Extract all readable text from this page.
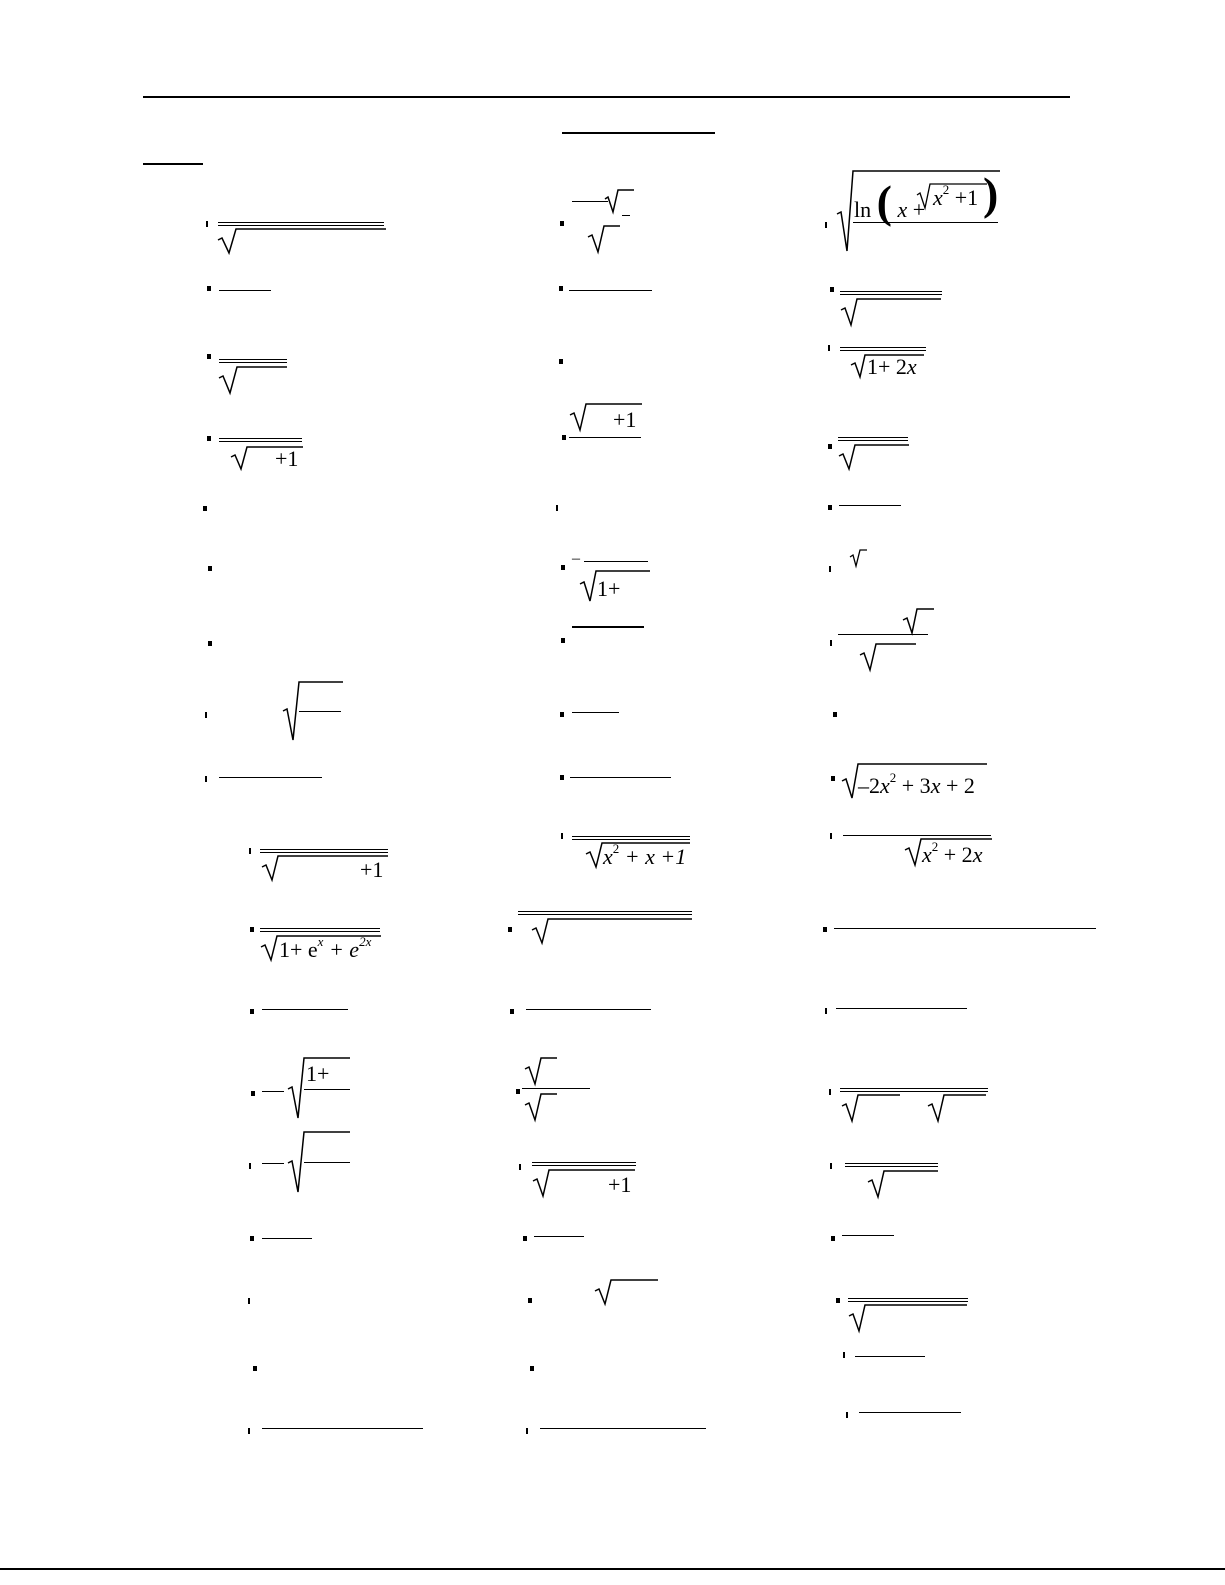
+1
+1
$1+ e^x + e^{2x}$
1+
+1
–
1+
$x^2 + x +1$
+1
ln ( $x + x^2 +1$ )
1+ 2x
$-2x^2 + 3x + 2$
$x^2 + 2x$
